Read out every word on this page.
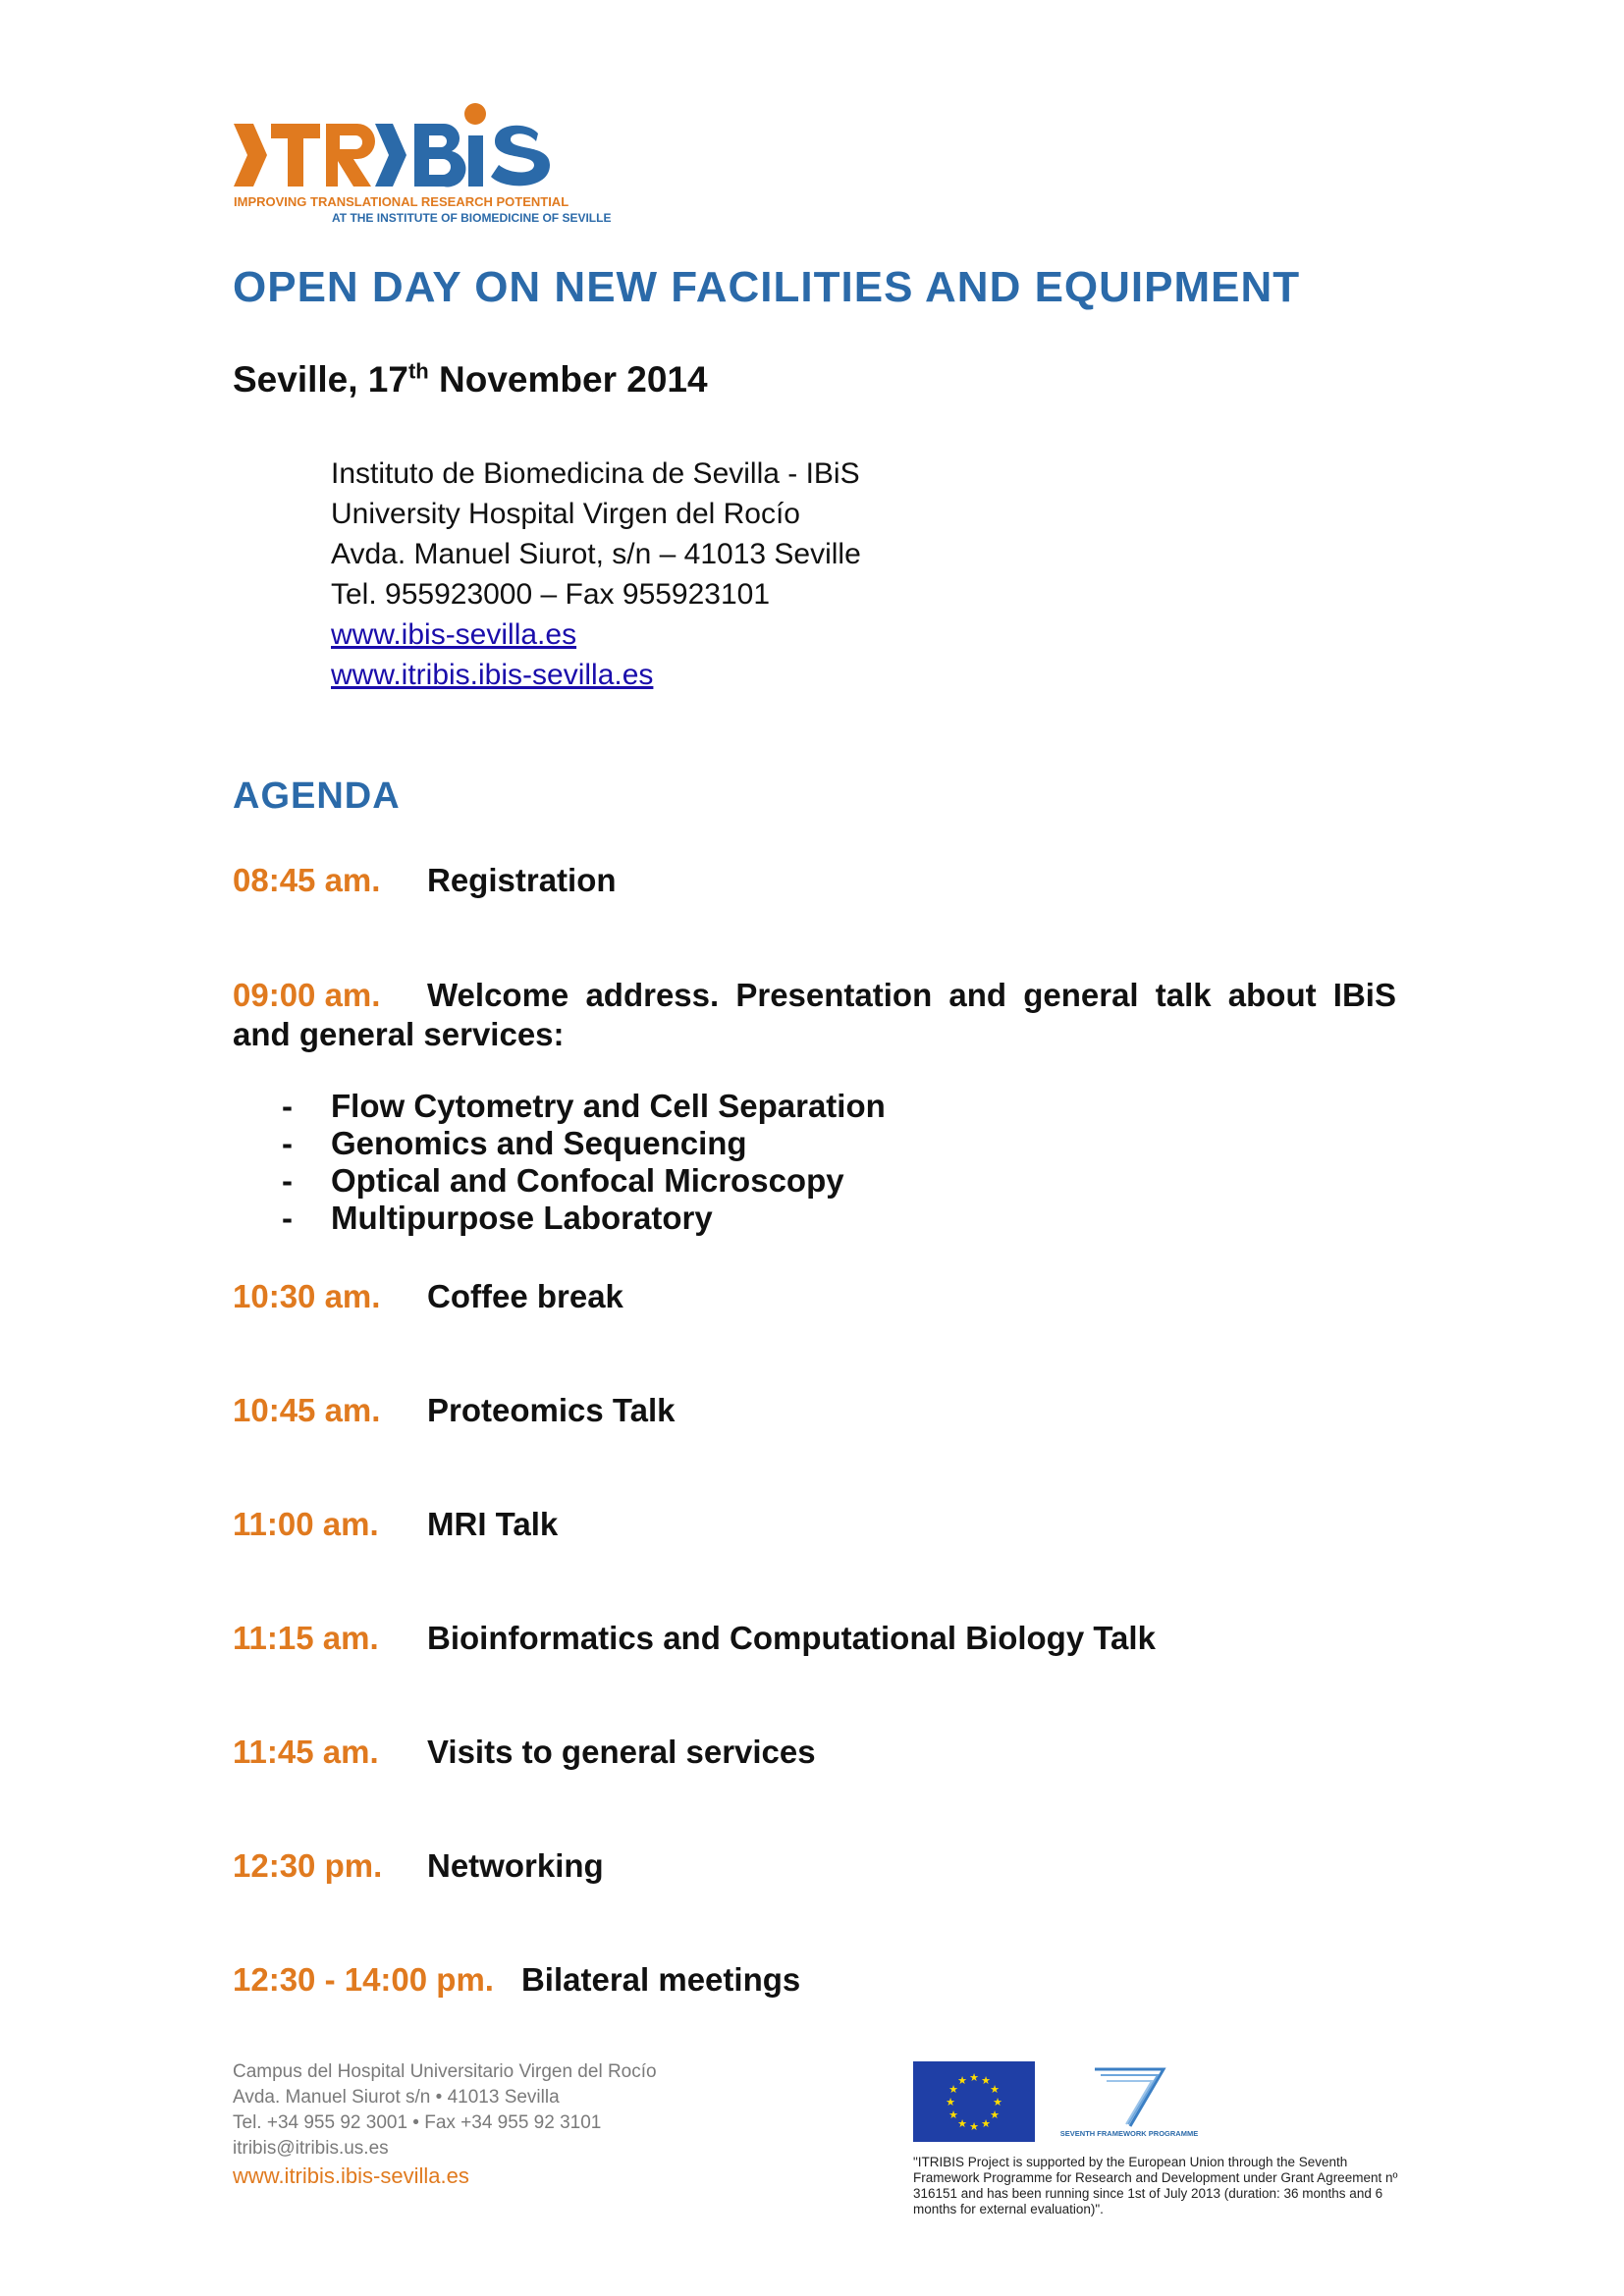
IMPROVING TRANSLATIONAL RESEARCH POTENTIAL
AT THE INSTITUTE OF BIOMEDICINE OF SEVILLE
OPEN DAY ON NEW FACILITIES AND EQUIPMENT
Seville, 17th November 2014
Instituto de Biomedicina de Sevilla - IBiS
University Hospital Virgen del Rocío
Avda. Manuel Siurot, s/n – 41013 Seville
Tel. 955923000 – Fax 955923101
www.ibis-sevilla.es
www.itribis.ibis-sevilla.es
AGENDA
08:45 am. Registration
09:00 am.	Welcome address. Presentation and general talk about IBiS
and general services:
- Flow Cytometry and Cell Separation
- Genomics and Sequencing
- Optical and Confocal Microscopy
- Multipurpose Laboratory
10:30 am. Coffee break
10:45 am. Proteomics Talk
11:00 am. MRI Talk
11:15 am. Bioinformatics and Computational Biology Talk
11:45 am. Visits to general services
12:30 pm. Networking
12:30 - 14:00 pm. Bilateral meetings
Campus del Hospital Universitario Virgen del Rocío
Avda. Manuel Siurot s/n • 41013 Sevilla
Tel. +34 955 92 3001 • Fax +34 955 92 3101
itribis@itribis.us.es
www.itribis.ibis-sevilla.es
★ ★
★
★
★
★
★
★
★
★
★
★
SEVENTH FRAMEWORK PROGRAMME
"ITRIBIS Project is supported by the European Union through the Seventh Framework Programme for Research and Development under Grant Agreement nº 316151 and has been running since 1st of July 2013 (duration: 36 months and 6 months for external evaluation)".
